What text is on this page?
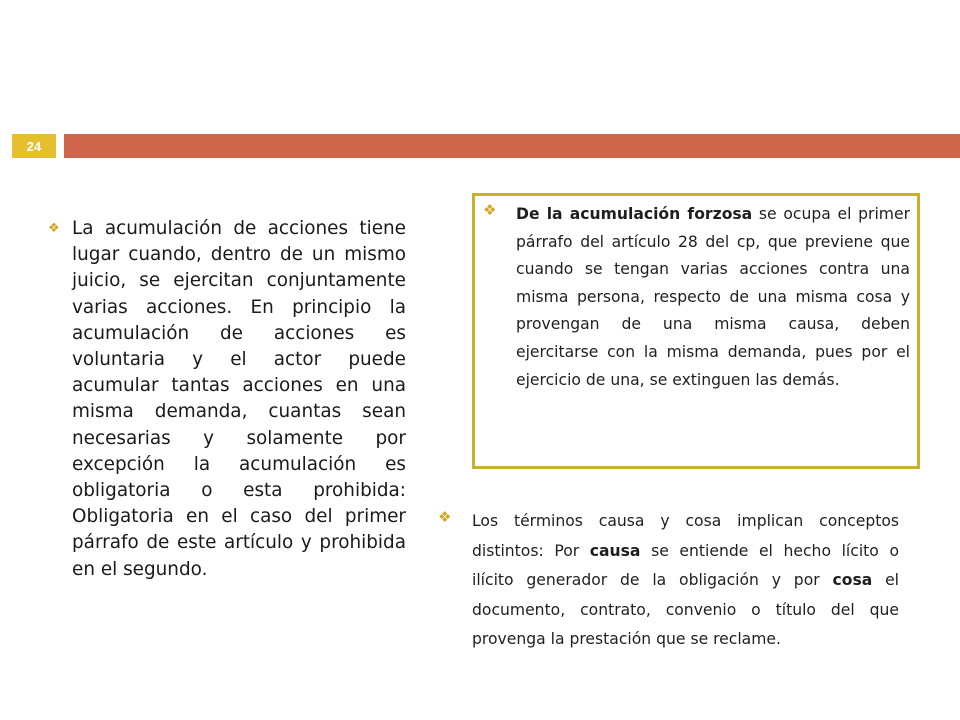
24
❖ La acumulación de acciones tiene lugar cuando, dentro de un mismo juicio, se ejercitan conjuntamente varias acciones. En principio la acumulación de acciones es voluntaria y el actor puede acumular tantas acciones en una misma demanda, cuantas sean necesarias y solamente por excepción la acumulación es obligatoria o esta prohibida: Obligatoria en el caso del primer párrafo de este artículo y prohibida en el segundo.
❖ De la acumulación forzosa se ocupa el primer párrafo del artículo 28 del cp, que previene que cuando se tengan varias acciones contra una misma persona, respecto de una misma cosa y provengan de una misma causa, deben ejercitarse con la misma demanda, pues por el ejercicio de una, se extinguen las demás.
❖ Los términos causa y cosa implican conceptos distintos: Por causa se entiende el hecho lícito o ilícito generador de la obligación y por cosa el documento, contrato, convenio o título del que provenga la prestación que se reclame.
